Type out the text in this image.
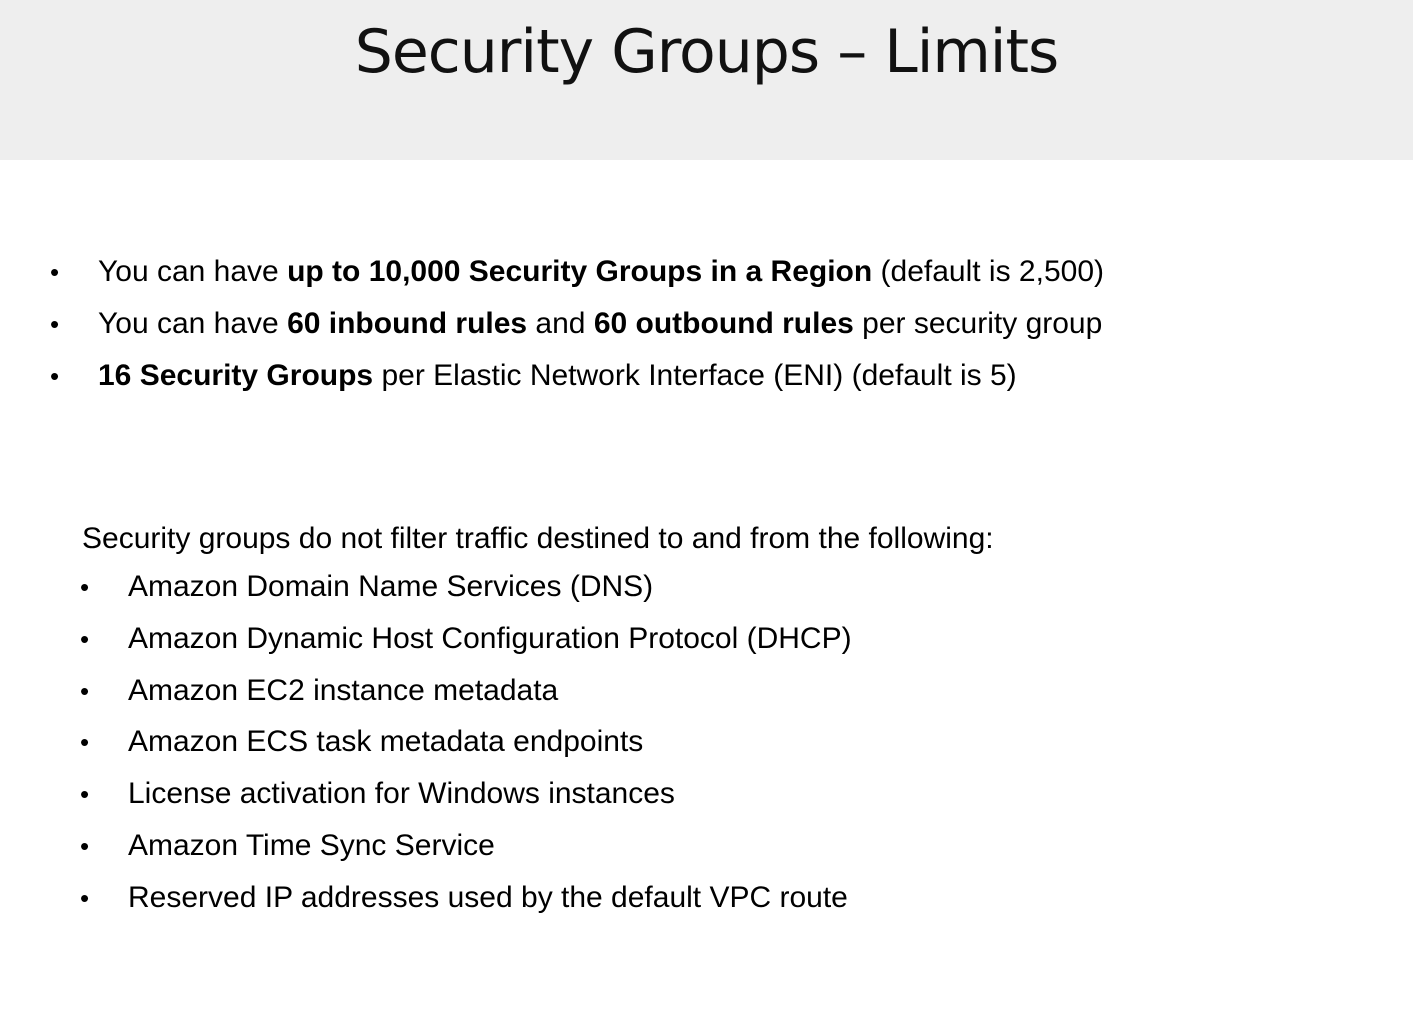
Security Groups – Limits
•	You can have up to 10,000 Security Groups in a Region (default is 2,500)
•	You can have 60 inbound rules and 60 outbound rules per security group
•	16 Security Groups per Elastic Network Interface (ENI) (default is 5)

Security groups do not filter traffic destined to and from the following:

•	Amazon Domain Name Services (DNS)
•	Amazon Dynamic Host Configuration Protocol (DHCP)
•	Amazon EC2 instance metadata
•	Amazon ECS task metadata endpoints
•	License activation for Windows instances
•	Amazon Time Sync Service
•	Reserved IP addresses used by the default VPC route
